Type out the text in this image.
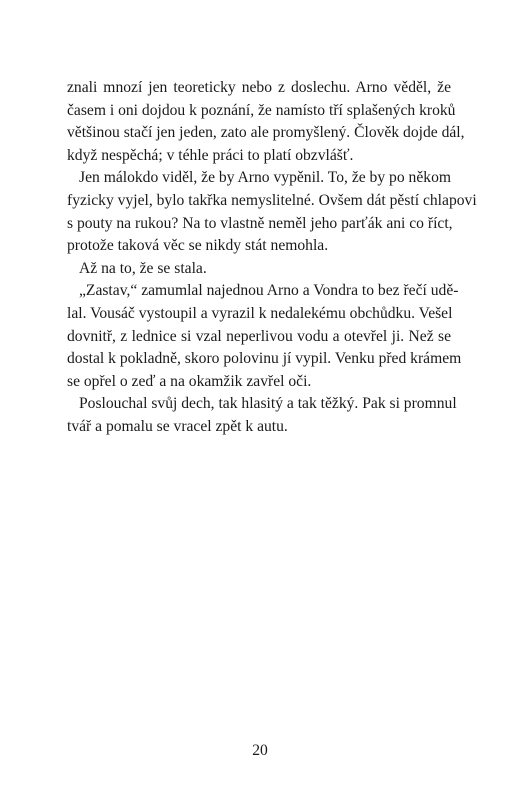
znali mnozí jen teoreticky nebo z doslechu. Arno věděl, že
časem i oni dojdou k poznání, že namísto tří splašených kroků
většinou stačí jen jeden, zato ale promyšlený. Člověk dojde dál,
když nespěchá; v téhle práci to platí obzvlášť.
Jen málokdo viděl, že by Arno vypěnil. To, že by po někom
fyzicky vyjel, bylo takřka nemyslitelné. Ovšem dát pěstí chlapovi
s pouty na rukou? Na to vlastně neměl jeho parťák ani co říct,
protože taková věc se nikdy stát nemohla.
Až na to, že se stala.
„Zastav,“ zamumlal najednou Arno a Vondra to bez řečí udě-
lal. Vousáč vystoupil a vyrazil k nedalekému obchůdku. Vešel
dovnitř, z lednice si vzal neperlivou vodu a otevřel ji. Než se
dostal k pokladně, skoro polovinu jí vypil. Venku před krámem
se opřel o zeď a na okamžik zavřel oči.
Poslouchal svůj dech, tak hlasitý a tak těžký. Pak si promnul
tvář a pomalu se vracel zpět k autu.
20
